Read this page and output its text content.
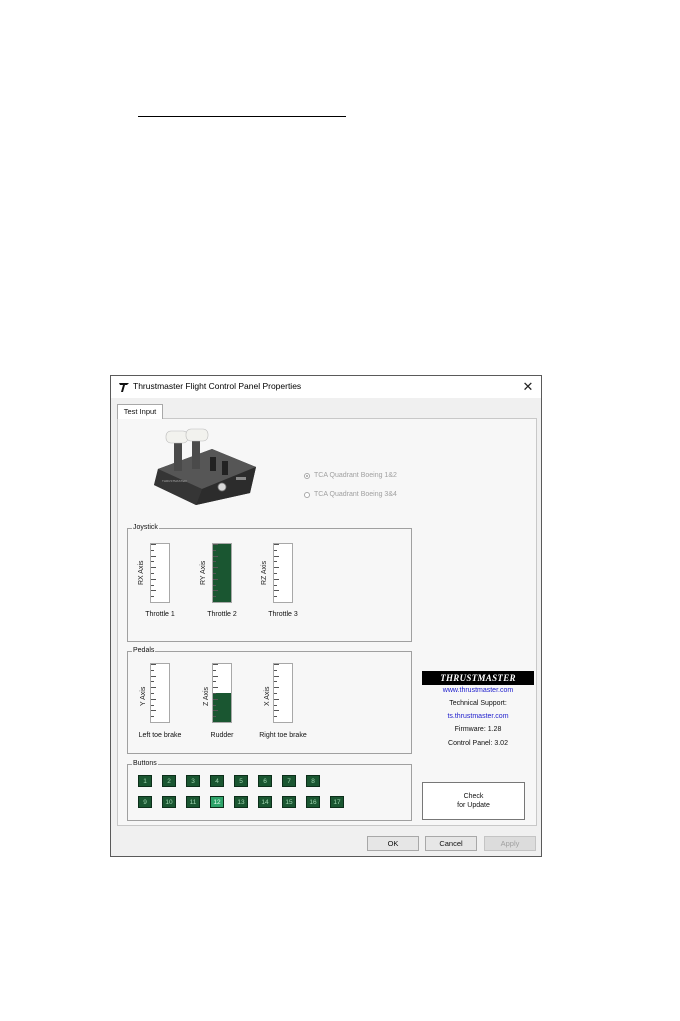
Thrustmaster Flight Control Panel Properties	✕
Test Input
THRUSTMASTER
TCA Quadrant Boeing 1&2
TCA Quadrant Boeing 3&4
Joystick
RX Axis
Throttle 1
RY Axis
Throttle 2
RZ Axis
Throttle 3
Pedals
Y Axis
Left toe brake
Z Axis
Rudder
X Axis
Right toe brake
Buttons
1	2	3	4	5	6	7	8
9	10	11	12	13	14	15	16	17
THRUSTMASTER
www.thrustmaster.com
Technical Support:
ts.thrustmaster.com
Firmware: 1.28
Control Panel: 3.02
Check
for Update
OK	Cancel	Apply
